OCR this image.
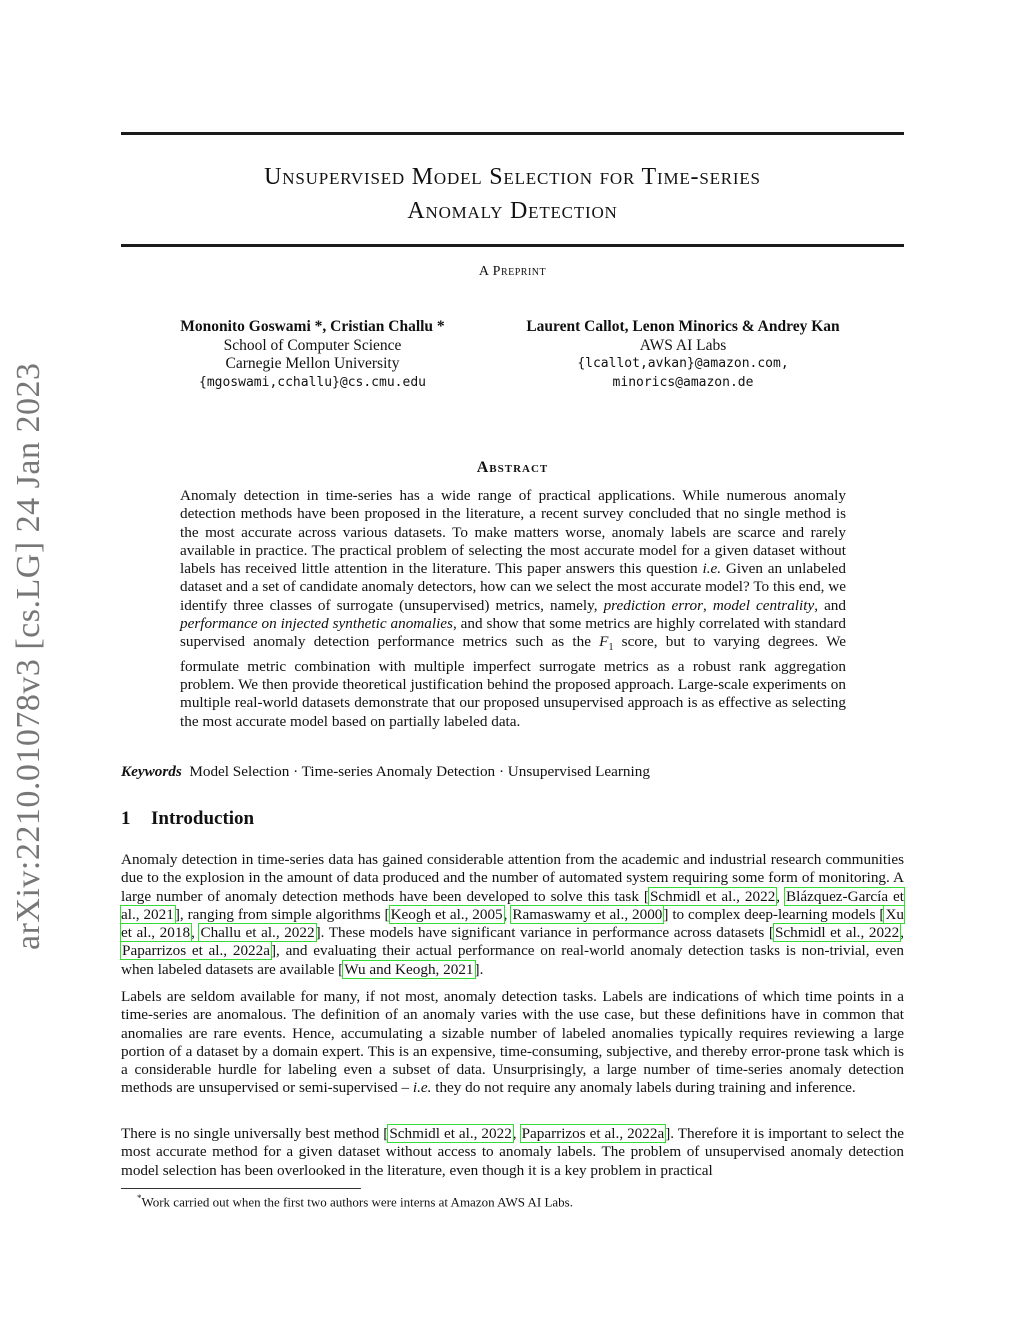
Unsupervised Model Selection for Time-series
Anomaly Detection
A Preprint
Mononito Goswami *, Cristian Challu *
School of Computer Science
Carnegie Mellon University
{mgoswami,cchallu}@cs.cmu.edu
Laurent Callot, Lenon Minorics & Andrey Kan
AWS AI Labs
{lcallot,avkan}@amazon.com,
minorics@amazon.de
arXiv:2210.01078v3 [cs.LG] 24 Jan 2023	Abstract
Anomaly detection in time-series has a wide range of practical applications. While numerous anomaly detection methods have been proposed in the literature, a recent survey concluded that no single method is the most accurate across various datasets. To make matters worse, anomaly labels are scarce and rarely available in practice. The practical problem of selecting the most accurate model for a given dataset without labels has received little attention in the literature. This paper answers this question i.e. Given an unlabeled dataset and a set of candidate anomaly detectors, how can we select the most accurate model? To this end, we identify three classes of surrogate (unsupervised) metrics, namely, prediction error, model centrality, and performance on injected synthetic anomalies, and show that some metrics are highly correlated with standard supervised anomaly detection performance metrics such as the $F_1$ score, but to varying degrees. We formulate metric combination with multiple imperfect surrogate metrics as a robust rank aggregation problem. We then provide theoretical justification behind the proposed approach. Large-scale experiments on multiple real-world datasets demonstrate that our proposed unsupervised approach is as effective as selecting the most accurate model based on partially labeled data.
Keywords Model Selection · Time-series Anomaly Detection · Unsupervised Learning
1 Introduction

Anomaly detection in time-series data has gained considerable attention from the academic and industrial research communities due to the explosion in the amount of data produced and the number of automated system requiring some form of monitoring. A large number of anomaly detection methods have been developed to solve this task [Schmidl et al., 2022, Blázquez-García et al., 2021], ranging from simple algorithms [Keogh et al., 2005, Ramaswamy et al., 2000] to complex deep-learning models [Xu et al., 2018, Challu et al., 2022]. These models have significant variance in performance across datasets [Schmidl et al., 2022, Paparrizos et al., 2022a], and evaluating their actual performance on real-world anomaly detection tasks is non-trivial, even when labeled datasets are available [Wu and Keogh, 2021].

Labels are seldom available for many, if not most, anomaly detection tasks. Labels are indications of which time points in a time-series are anomalous. The definition of an anomaly varies with the use case, but these definitions have in common that anomalies are rare events. Hence, accumulating a sizable number of labeled anomalies typically requires reviewing a large portion of a dataset by a domain expert. This is an expensive, time-consuming, subjective, and thereby error-prone task which is a considerable hurdle for labeling even a subset of data. Unsurprisingly, a large number of time-series anomaly detection methods are unsupervised or semi-supervised – i.e. they do not require any anomaly labels during training and inference.

There is no single universally best method [Schmidl et al., 2022, Paparrizos et al., 2022a]. Therefore it is important to select the most accurate method for a given dataset without access to anomaly labels. The problem of unsupervised anomaly detection model selection has been overlooked in the literature, even though it is a key problem in practical

*Work carried out when the first two authors were interns at Amazon AWS AI Labs.
